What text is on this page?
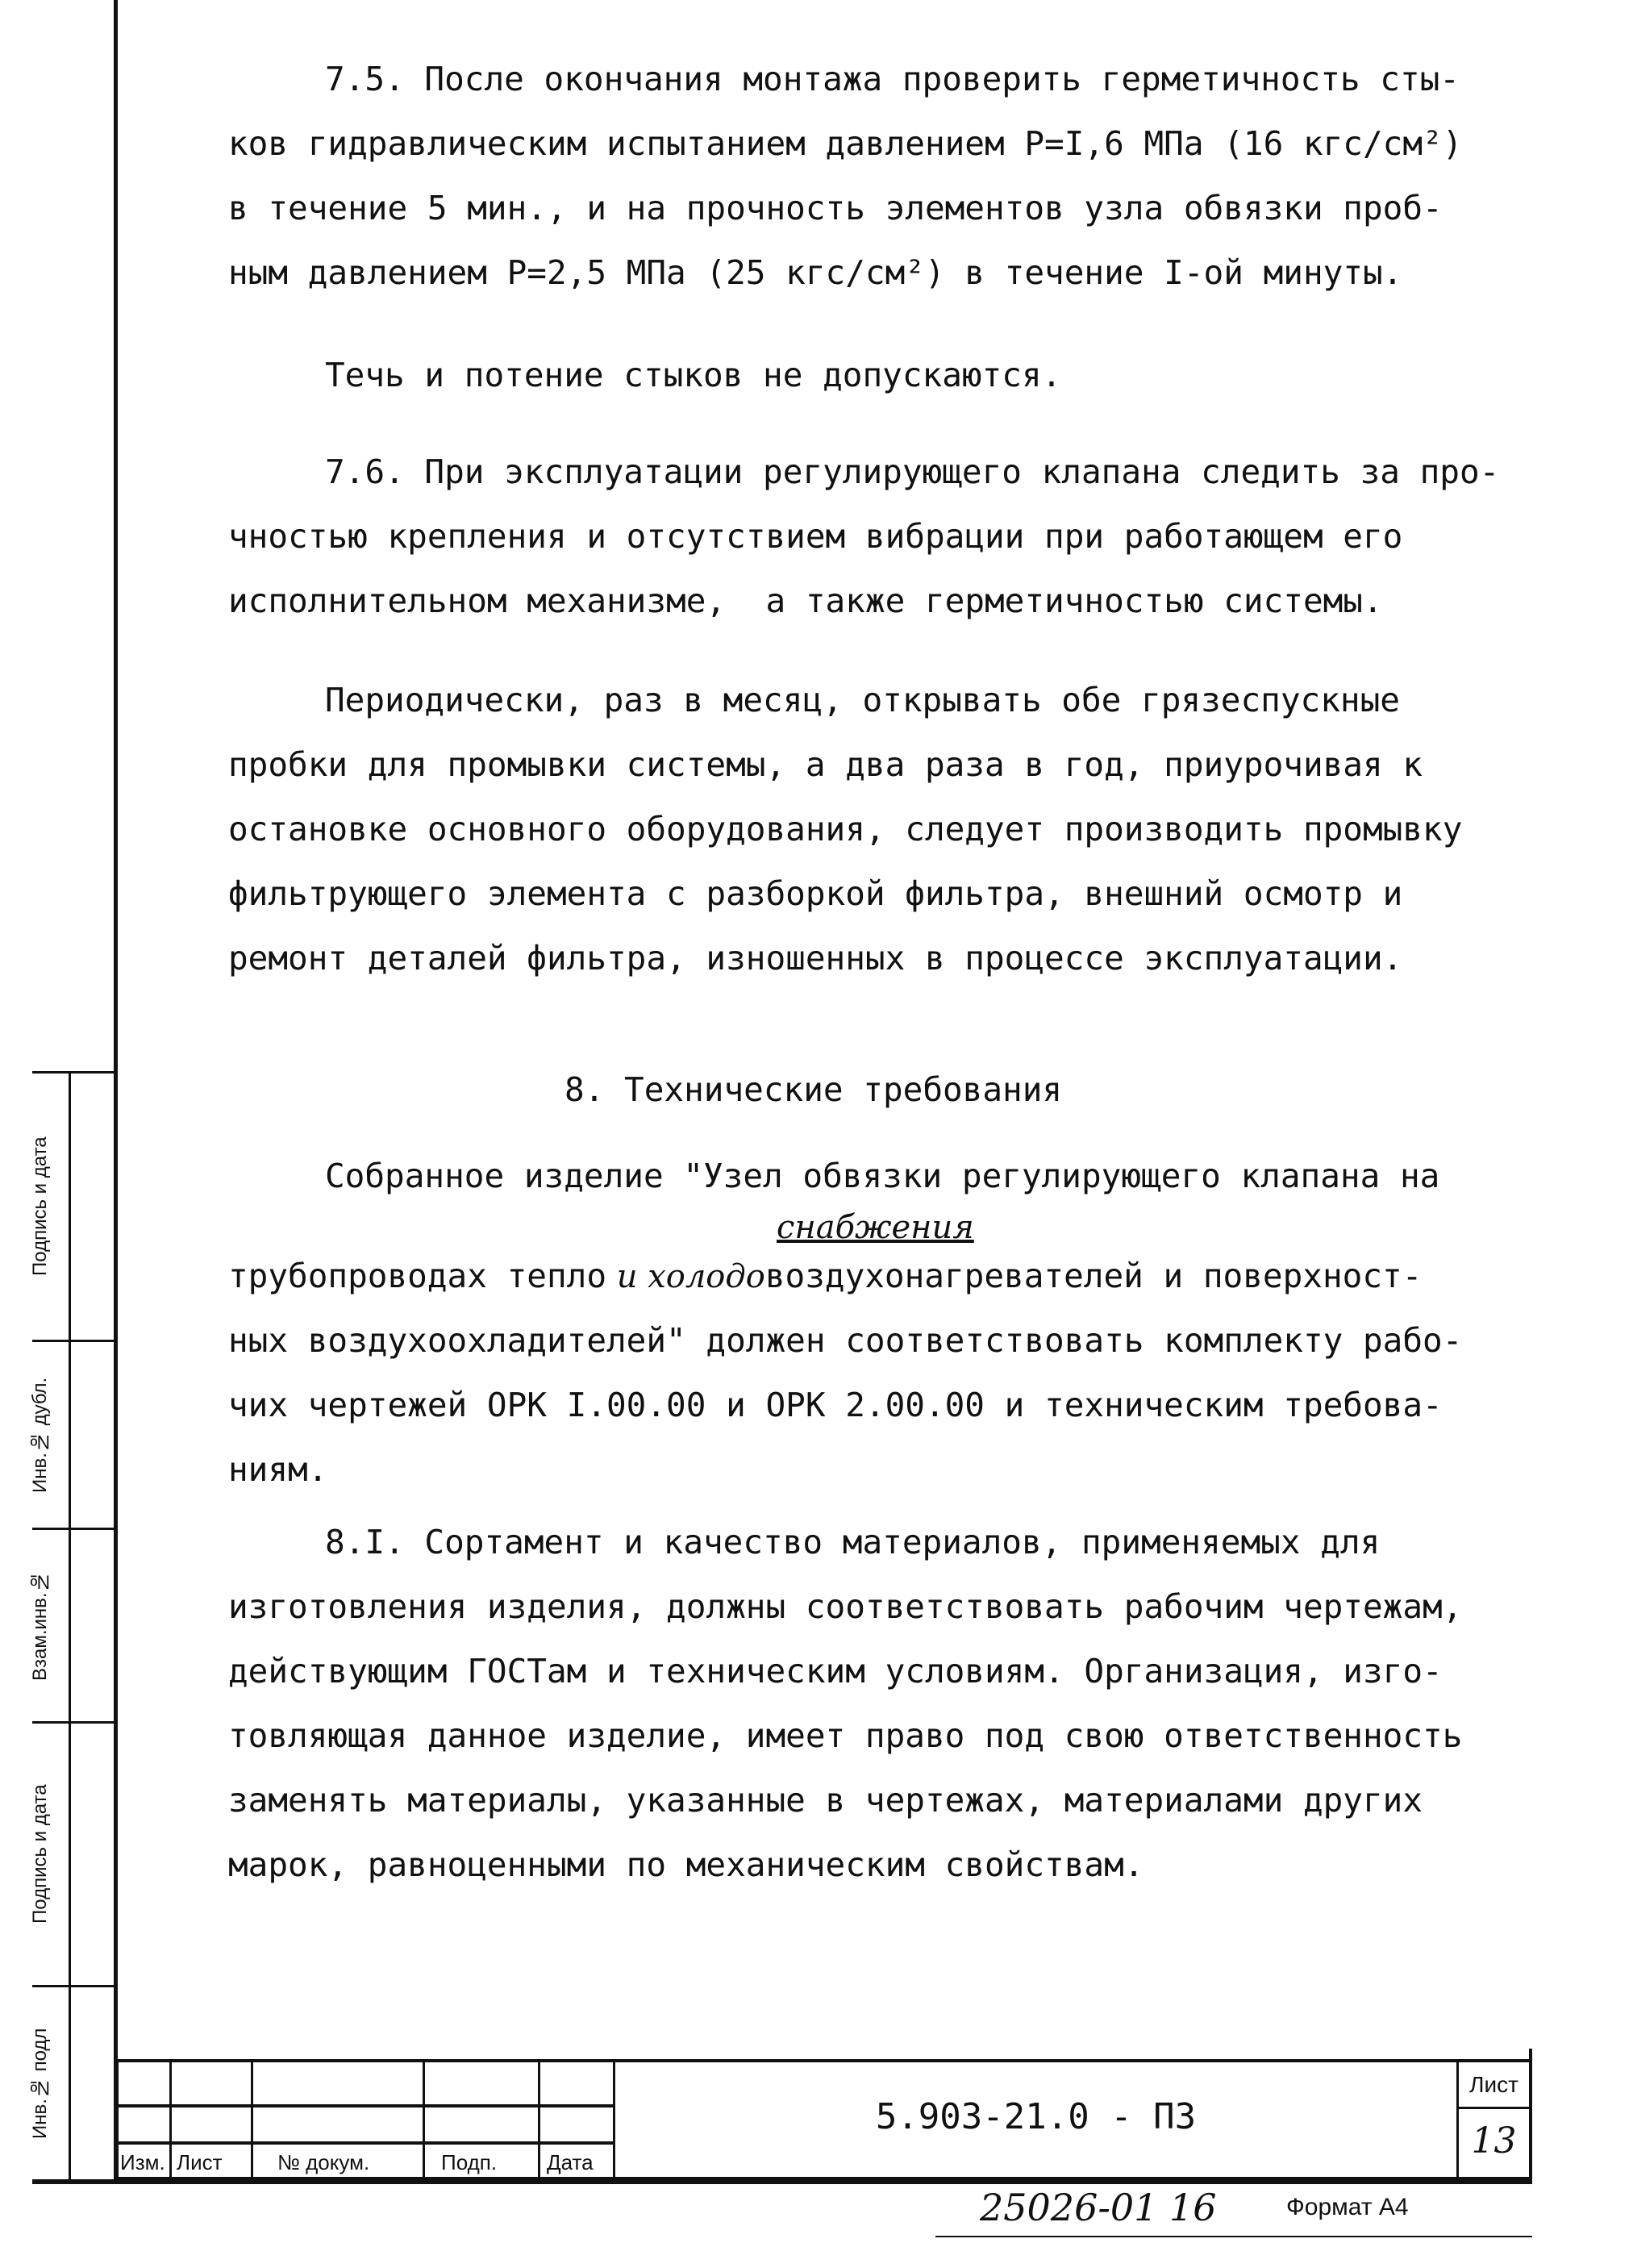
7.5. После окончания монтажа проверить герметичность сты-
ков гидравлическим испытанием давлением P=I,6 МПа (16 кгс/см²)
в течение 5 мин., и на прочность элементов узла обвязки проб-
ным давлением P=2,5 МПа (25 кгс/см²) в течение I-ой минуты.
Течь и потение стыков не допускаются.
7.6. При эксплуатации регулирующего клапана следить за про-
чностью крепления и отсутствием вибрации при работающем его
исполнительном механизме,  а также герметичностью системы.
Периодически, раз в месяц, открывать обе грязеспускные
пробки для промывки системы, а два раза в год, приурочивая к
остановке основного оборудования, следует производить промывку
фильтрующего элемента с разборкой фильтра, внешний осмотр и
ремонт деталей фильтра, изношенных в процессе эксплуатации.
8. Технические требования
Собранное изделие "Узел обвязки регулирующего клапана на
трубопроводах тепло и холодовоздухонагревателей и поверхност-
снабжения
ных воздухоохладителей" должен соответствовать комплекту рабо-
чих чертежей ОРК I.00.00 и ОРК 2.00.00 и техническим требова-
ниям.
8.I. Сортамент и качество материалов, применяемых для
изготовления изделия, должны соответствовать рабочим чертежам,
действующим ГОСТам и техническим условиям. Организация, изго-
товляющая данное изделие, имеет право под свою ответственность
заменять материалы, указанные в чертежах, материалами других
марок, равноценными по механическим свойствам.
Подпись и дата
Инв.№ дубл.
Взам.инв.№
Подпись и дата
Инв.№ подл
Изм. Лист	№ докум.	Подп. Дата
5.903-21.0 - ПЗ
Лист
13
25026-01 16	Формат А4
